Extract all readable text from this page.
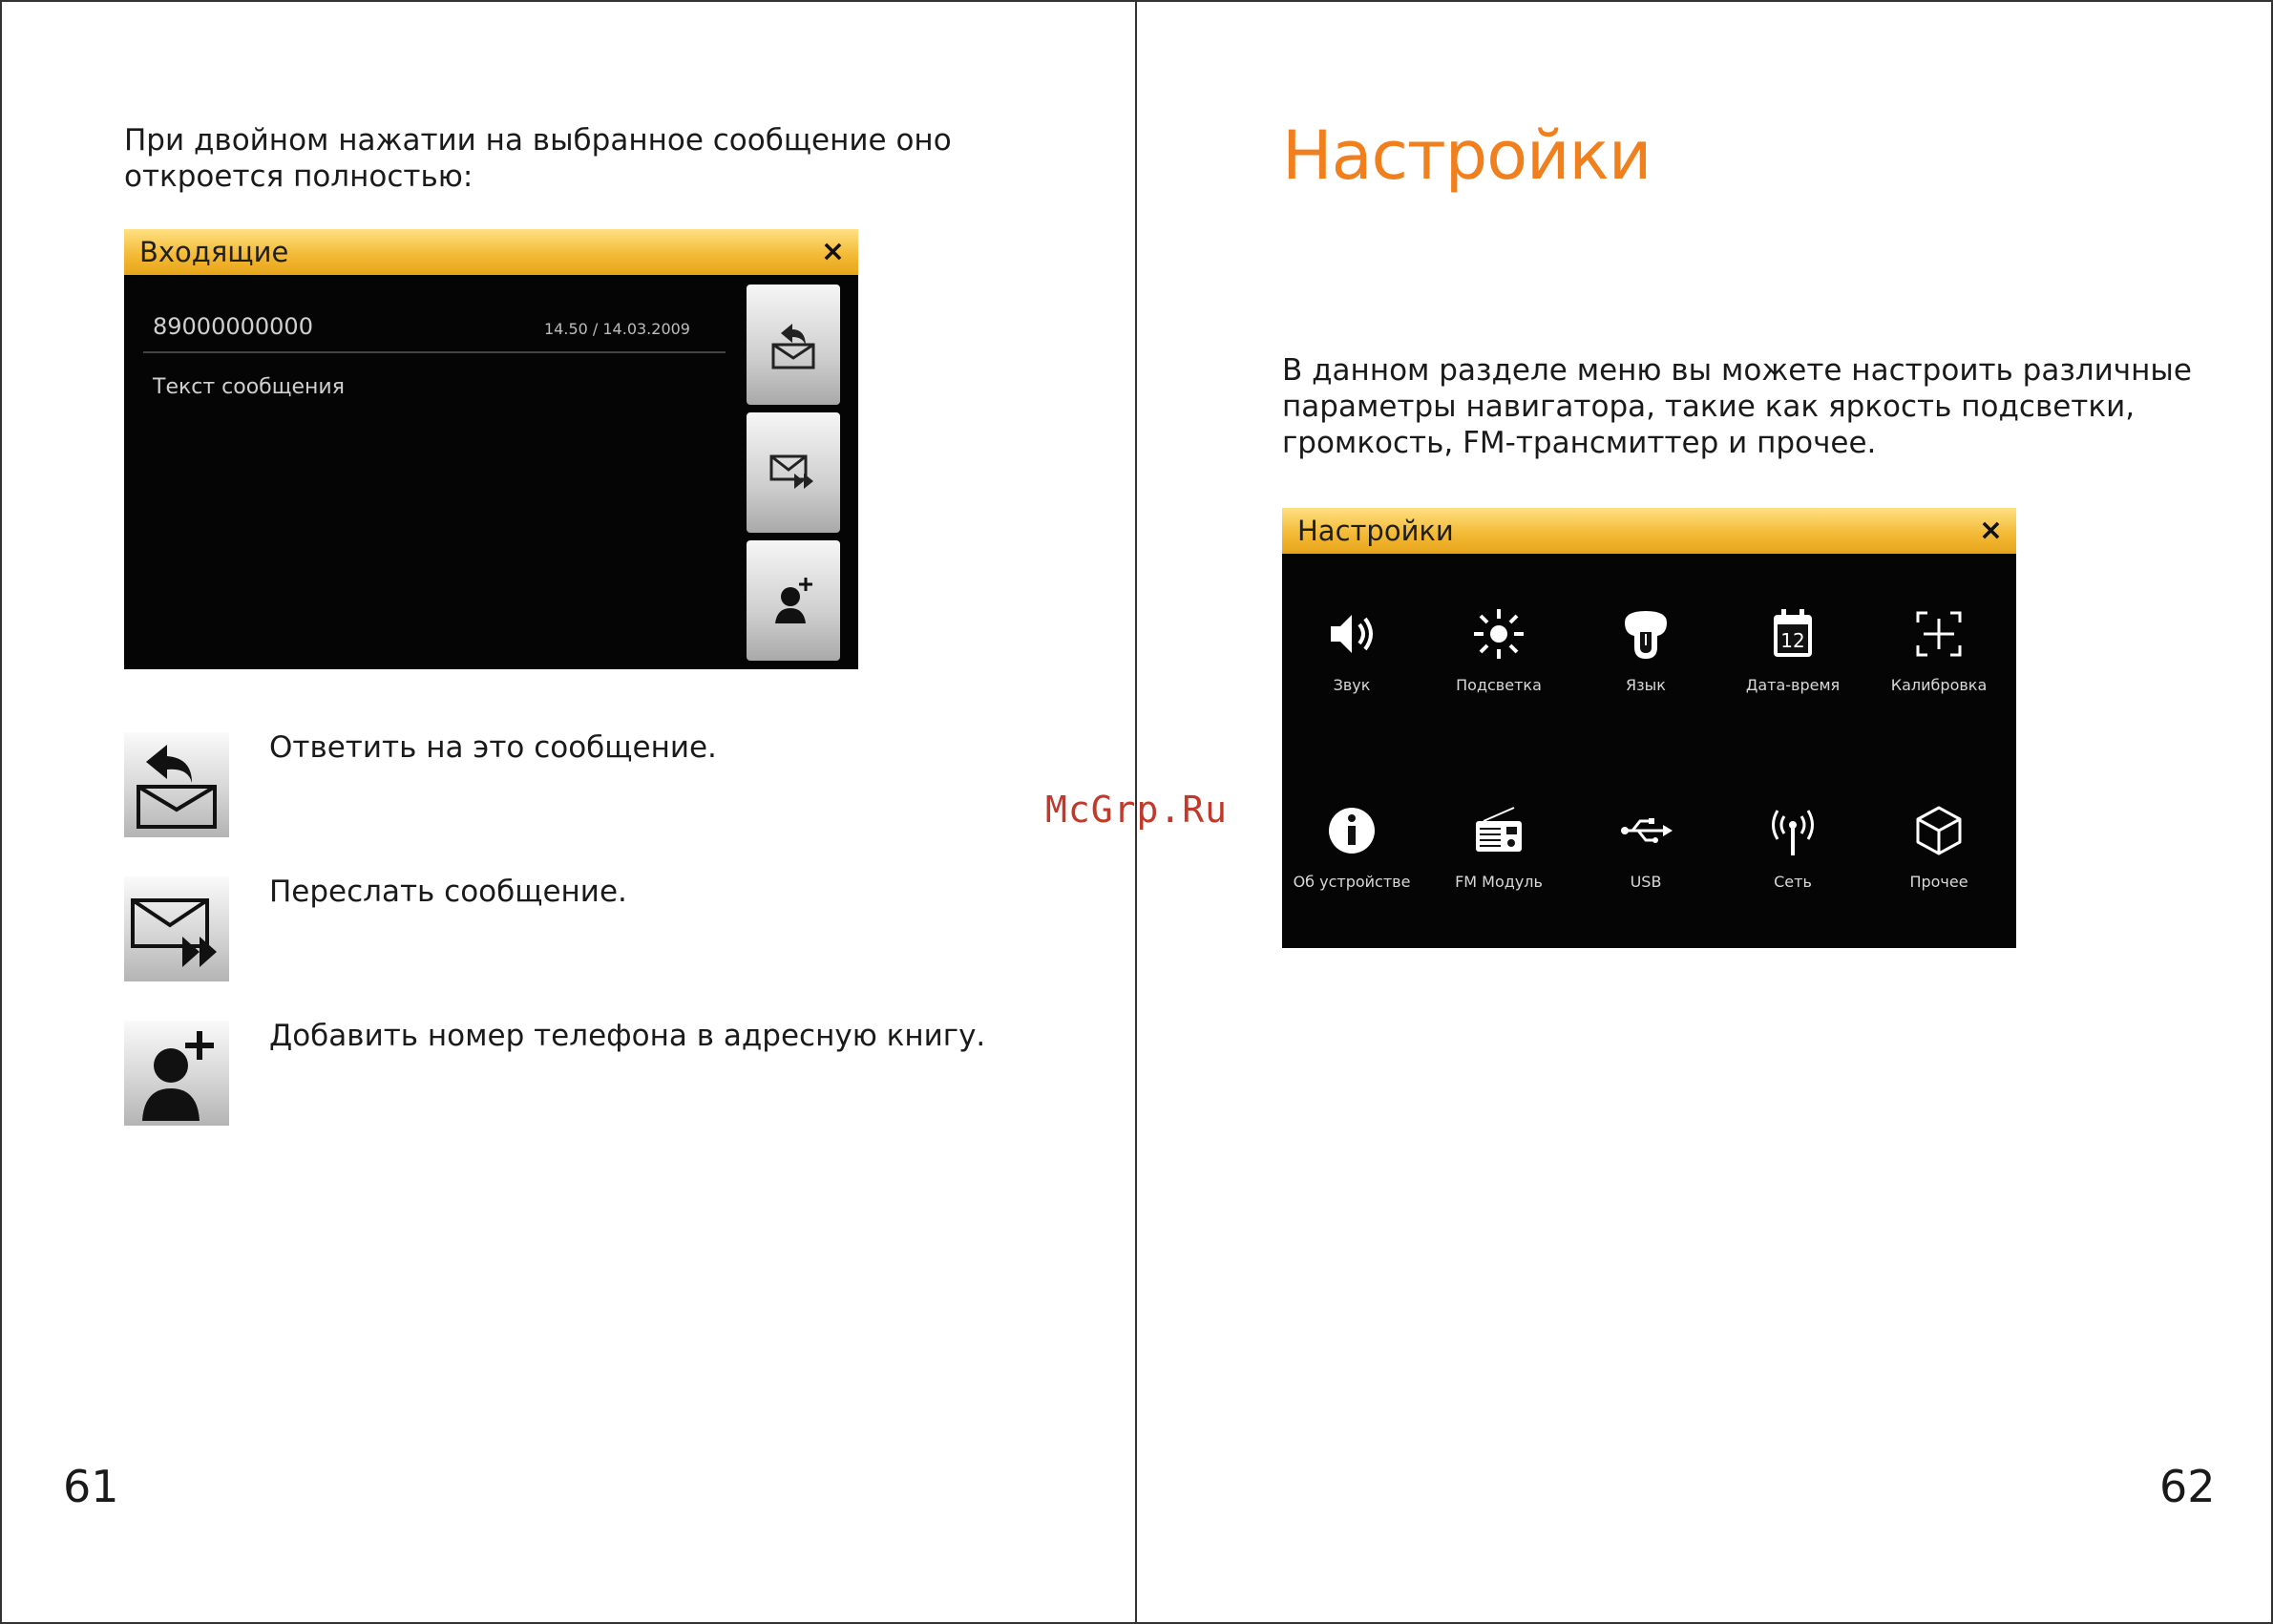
При двойном нажатии на выбранное сообщение оно
откроется полностью:
Входящие	×
89000000000	14.50 / 14.03.2009
Текст сообщения
Ответить на это сообщение.
Переслать сообщение.
Добавить номер телефона в адресную книгу.
61
Настройки
В данном разделе меню вы можете настроить различные
параметры навигатора, такие как яркость подсветки,
громкость, FM-трансмиттер и прочее.
Настройки	×
Звук	Подсветка	Язык
12
Дата-время	Калибровка
Об устройстве	FM Модуль	USB	Сеть	Прочее
62
McGrp.Ru
